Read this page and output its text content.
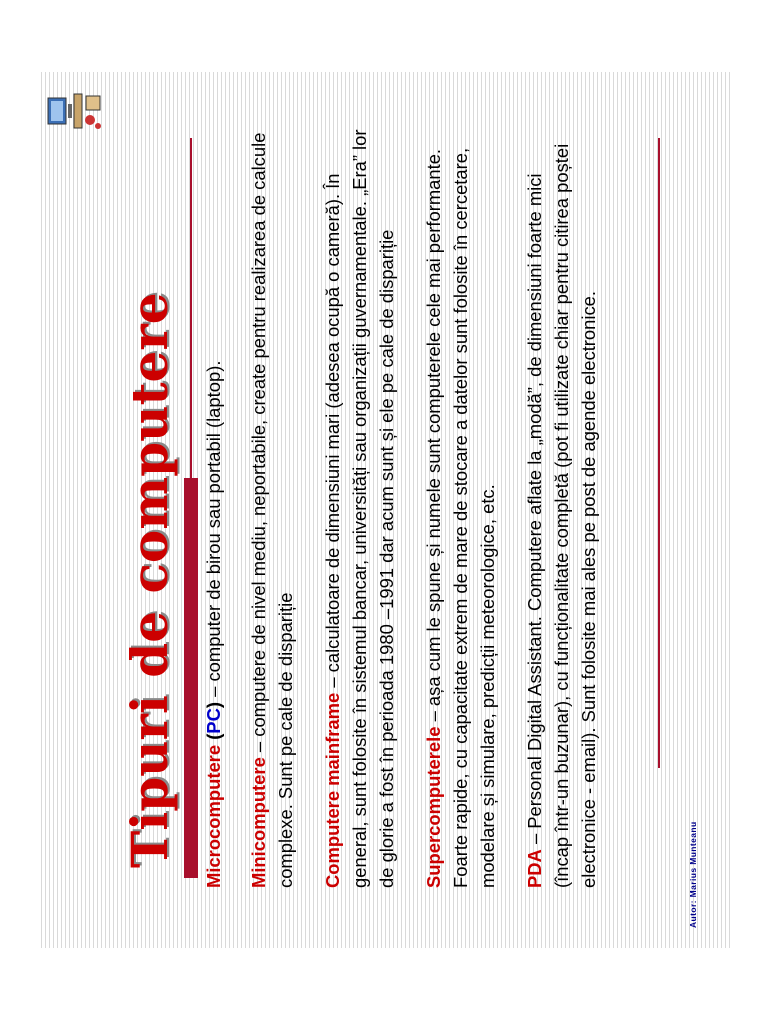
Tipuri de computere Microcomputere (PC) – computer de birou sau portabil (laptop).

Minicomputere – computere de nivel mediu, neportabile, create pentru realizarea de calcule complexe. Sunt pe cale de dispariție Computere mainframe – calculatoare de dimensiuni mari (adesea ocupă o cameră). În general, sunt folosite în sistemul bancar, universități sau organizații guvernamentale. „Era” lor de glorie a fost în perioada 1980 –1991 dar acum sunt și ele pe cale de dispariție Supercomputerele – așa cum le spune și numele sunt computerele cele mai performante. Foarte rapide, cu capacitate extrem de mare de stocare a datelor sunt folosite în cercetare, modelare și simulare, predicții meteorologice, etc. PDA – Personal Digital Assistant. Computere aflate la „modă”, de dimensiuni foarte mici (încap într-un buzunar), cu funcționalitate completă (pot fi utilizate chiar pentru citirea poștei electronice - email). Sunt folosite mai ales pe post de agende electronice.	Autor: Marius Munteanu
